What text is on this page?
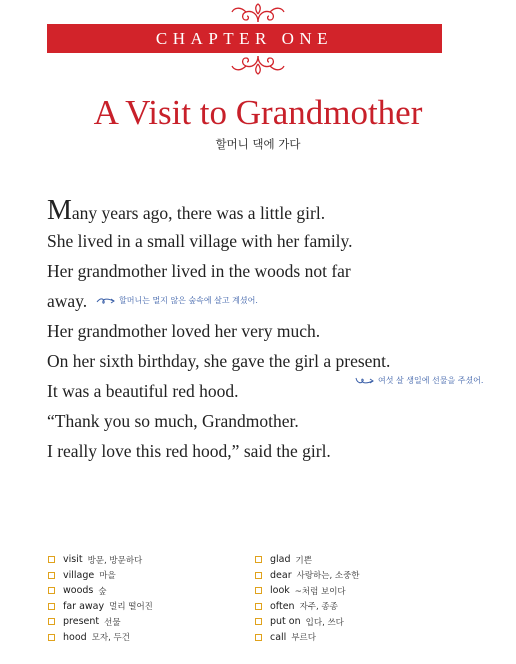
CHAPTER ONE
A Visit to Grandmother
할머니 댁에 가다
Many years ago, there was a little girl.
She lived in a small village with her family.
Her grandmother lived in the woods not far
away.
Her grandmother loved her very much.
On her sixth birthday, she gave the girl a present.
It was a beautiful red hood.
“Thank you so much, Grandmother.
I really love this red hood,” said the girl.
할머니는 멀지 않은 숲속에 살고 계셨어.
여섯 살 생일에 선물을 주셨어.
visit 방문, 방문하다
village 마을
woods 숲
far away 멀리 떨어진
present 선물
hood 모자, 두건
glad 기쁜
dear 사랑하는, 소중한
look ~처럼 보이다
often 자주, 종종
put on 입다, 쓰다
call 부르다
